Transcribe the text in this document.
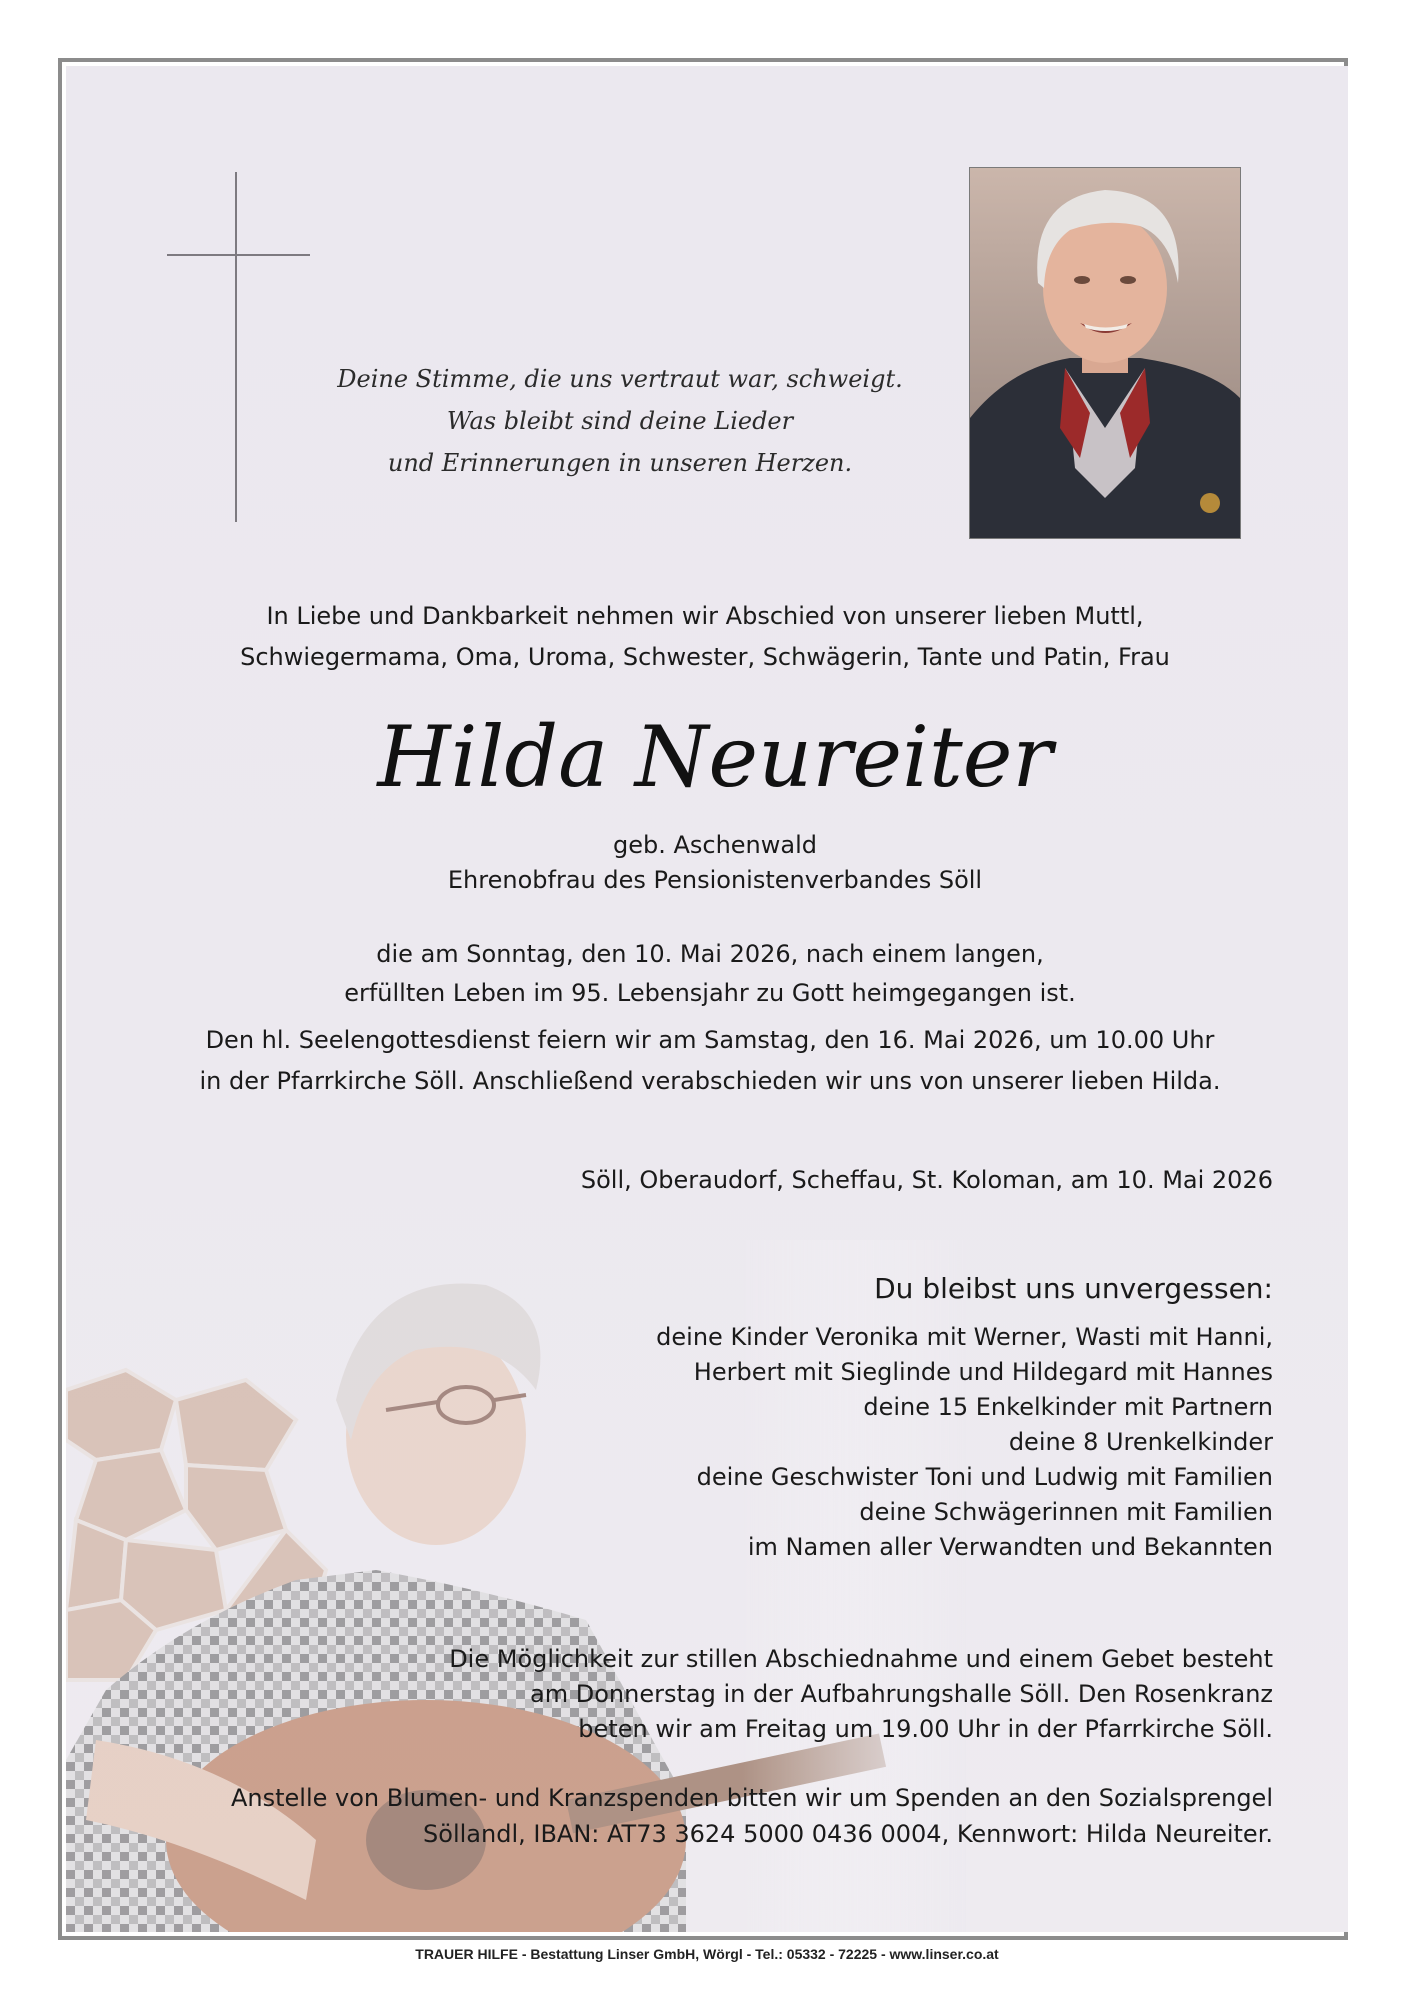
Deine Stimme, die uns vertraut war, schweigt.
Was bleibt sind deine Lieder
und Erinnerungen in unseren Herzen.
In Liebe und Dankbarkeit nehmen wir Abschied von unserer lieben Muttl,
Schwiegermama, Oma, Uroma, Schwester, Schwägerin, Tante und Patin, Frau
Hilda Neureiter
geb. Aschenwald
Ehrenobfrau des Pensionistenverbandes Söll
die am Sonntag, den 10. Mai 2026, nach einem langen,
erfüllten Leben im 95. Lebensjahr zu Gott heimgegangen ist.
Den hl. Seelengottesdienst feiern wir am Samstag, den 16. Mai 2026, um 10.00 Uhr
in der Pfarrkirche Söll. Anschließend verabschieden wir uns von unserer lieben Hilda.
Söll, Oberaudorf, Scheffau, St. Koloman, am 10. Mai 2026
Du bleibst uns unvergessen:
deine Kinder Veronika mit Werner, Wasti mit Hanni,
Herbert mit Sieglinde und Hildegard mit Hannes
deine 15 Enkelkinder mit Partnern
deine 8 Urenkelkinder
deine Geschwister Toni und Ludwig mit Familien
deine Schwägerinnen mit Familien
im Namen aller Verwandten und Bekannten
Die Möglichkeit zur stillen Abschiednahme und einem Gebet besteht
am Donnerstag in der Aufbahrungshalle Söll. Den Rosenkranz
beten wir am Freitag um 19.00 Uhr in der Pfarrkirche Söll.
Anstelle von Blumen- und Kranzspenden bitten wir um Spenden an den Sozialsprengel
Söllandl, IBAN: AT73 3624 5000 0436 0004, Kennwort: Hilda Neureiter.
TRAUER HILFE - Bestattung Linser GmbH, Wörgl - Tel.: 05332 - 72225 - www.linser.co.at
